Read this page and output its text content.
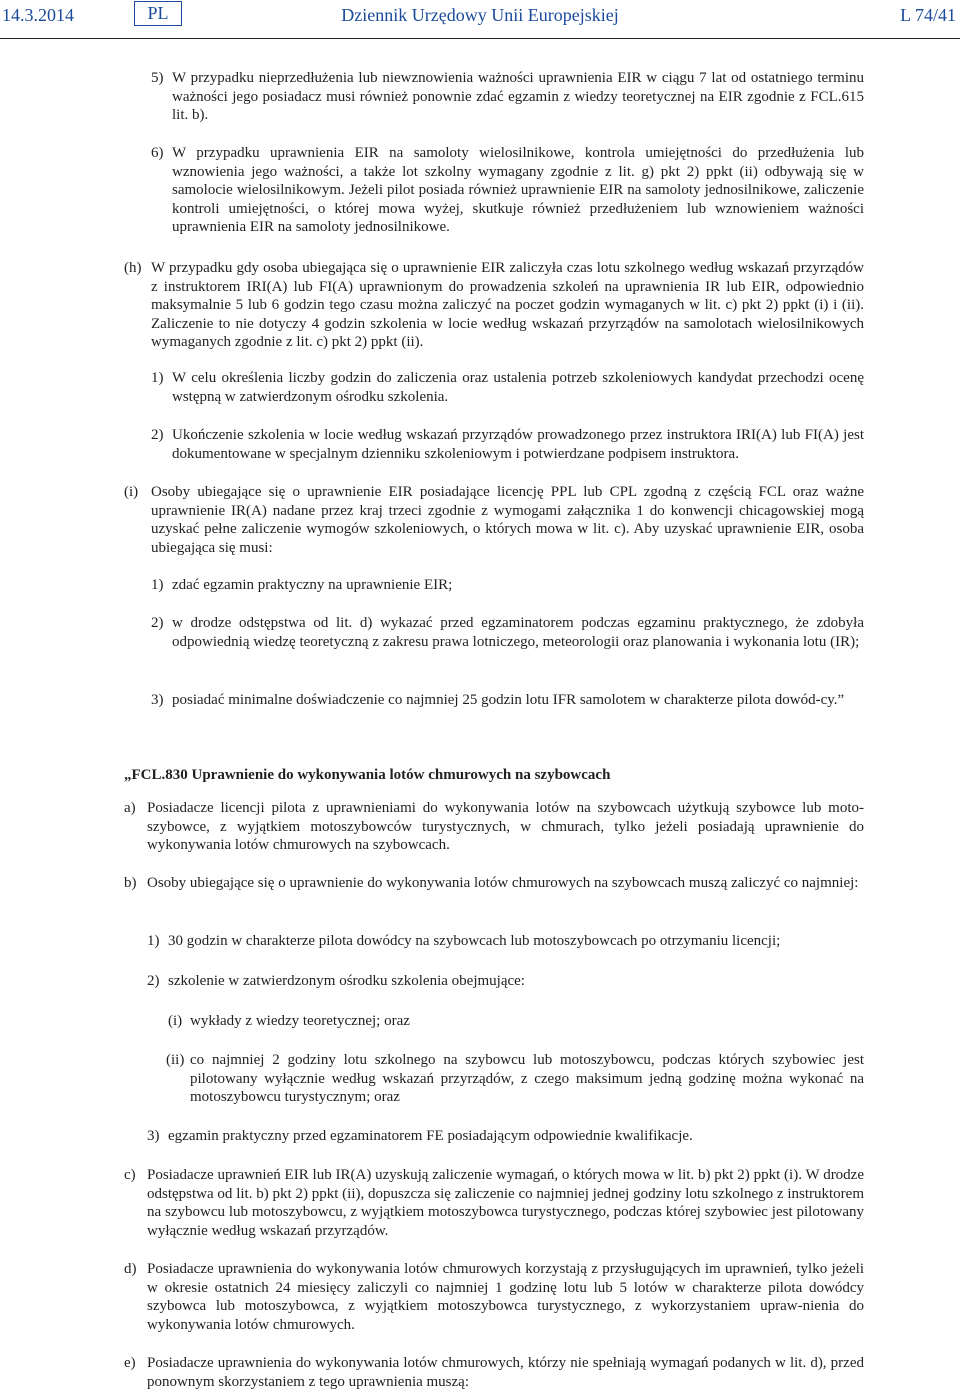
14.3.2014	PL	Dziennik Urzędowy Unii Europejskiej	L 74/41
5) W przypadku nieprzedłużenia lub niewznowienia ważności uprawnienia EIR w ciągu 7 lat od ostatniego terminu ważności jego posiadacz musi również ponownie zdać egzamin z wiedzy teoretycznej na EIR zgodnie z FCL.615 lit. b).
6) W przypadku uprawnienia EIR na samoloty wielosilnikowe, kontrola umiejętności do przedłużenia lub wznowienia jego ważności, a także lot szkolny wymagany zgodnie z lit. g) pkt 2) ppkt (ii) odbywają się w samolocie wielosilnikowym. Jeżeli pilot posiada również uprawnienie EIR na samoloty jednosilnikowe, zaliczenie kontroli umiejętności, o której mowa wyżej, skutkuje również przedłużeniem lub wznowieniem ważności uprawnienia EIR na samoloty jednosilnikowe.
(h) W przypadku gdy osoba ubiegająca się o uprawnienie EIR zaliczyła czas lotu szkolnego według wskazań przyrządów z instruktorem IRI(A) lub FI(A) uprawnionym do prowadzenia szkoleń na uprawnienia IR lub EIR, odpowiednio maksymalnie 5 lub 6 godzin tego czasu można zaliczyć na poczet godzin wymaganych w lit. c) pkt 2) ppkt (i) i (ii). Zaliczenie to nie dotyczy 4 godzin szkolenia w locie według wskazań przyrządów na samolotach wielosilnikowych wymaganych zgodnie z lit. c) pkt 2) ppkt (ii).
1) W celu określenia liczby godzin do zaliczenia oraz ustalenia potrzeb szkoleniowych kandydat przechodzi ocenę wstępną w zatwierdzonym ośrodku szkolenia.
2) Ukończenie szkolenia w locie według wskazań przyrządów prowadzonego przez instruktora IRI(A) lub FI(A) jest dokumentowane w specjalnym dzienniku szkoleniowym i potwierdzane podpisem instruktora.
(i) Osoby ubiegające się o uprawnienie EIR posiadające licencję PPL lub CPL zgodną z częścią FCL oraz ważne uprawnienie IR(A) nadane przez kraj trzeci zgodnie z wymogami załącznika 1 do konwencji chicagowskiej mogą uzyskać pełne zaliczenie wymogów szkoleniowych, o których mowa w lit. c). Aby uzyskać uprawnienie EIR, osoba ubiegająca się musi:
1) zdać egzamin praktyczny na uprawnienie EIR;
2) w drodze odstępstwa od lit. d) wykazać przed egzaminatorem podczas egzaminu praktycznego, że zdobyła odpowiednią wiedzę teoretyczną z zakresu prawa lotniczego, meteorologii oraz planowania i wykonania lotu (IR);
3) posiadać minimalne doświadczenie co najmniej 25 godzin lotu IFR samolotem w charakterze pilota dowód-cy.”
„FCL.830 Uprawnienie do wykonywania lotów chmurowych na szybowcach
a) Posiadacze licencji pilota z uprawnieniami do wykonywania lotów na szybowcach użytkują szybowce lub moto-szybowce, z wyjątkiem motoszybowców turystycznych, w chmurach, tylko jeżeli posiadają uprawnienie do wykonywania lotów chmurowych na szybowcach.
b) Osoby ubiegające się o uprawnienie do wykonywania lotów chmurowych na szybowcach muszą zaliczyć co najmniej:
1) 30 godzin w charakterze pilota dowódcy na szybowcach lub motoszybowcach po otrzymaniu licencji;
2) szkolenie w zatwierdzonym ośrodku szkolenia obejmujące:
(i) wykłady z wiedzy teoretycznej; oraz
(ii) co najmniej 2 godziny lotu szkolnego na szybowcu lub motoszybowcu, podczas których szybowiec jest pilotowany wyłącznie według wskazań przyrządów, z czego maksimum jedną godzinę można wykonać na motoszybowcu turystycznym; oraz
3) egzamin praktyczny przed egzaminatorem FE posiadającym odpowiednie kwalifikacje.
c) Posiadacze uprawnień EIR lub IR(A) uzyskują zaliczenie wymagań, o których mowa w lit. b) pkt 2) ppkt (i). W drodze odstępstwa od lit. b) pkt 2) ppkt (ii), dopuszcza się zaliczenie co najmniej jednej godziny lotu szkolnego z instruktorem na szybowcu lub motoszybowcu, z wyjątkiem motoszybowca turystycznego, podczas której szybowiec jest pilotowany wyłącznie według wskazań przyrządów.
d) Posiadacze uprawnienia do wykonywania lotów chmurowych korzystają z przysługujących im uprawnień, tylko jeżeli w okresie ostatnich 24 miesięcy zaliczyli co najmniej 1 godzinę lotu lub 5 lotów w charakterze pilota dowódcy szybowca lub motoszybowca, z wyjątkiem motoszybowca turystycznego, z wykorzystaniem upraw-nienia do wykonywania lotów chmurowych.
e) Posiadacze uprawnienia do wykonywania lotów chmurowych, którzy nie spełniają wymagań podanych w lit. d), przed ponownym skorzystaniem z tego uprawnienia muszą:
